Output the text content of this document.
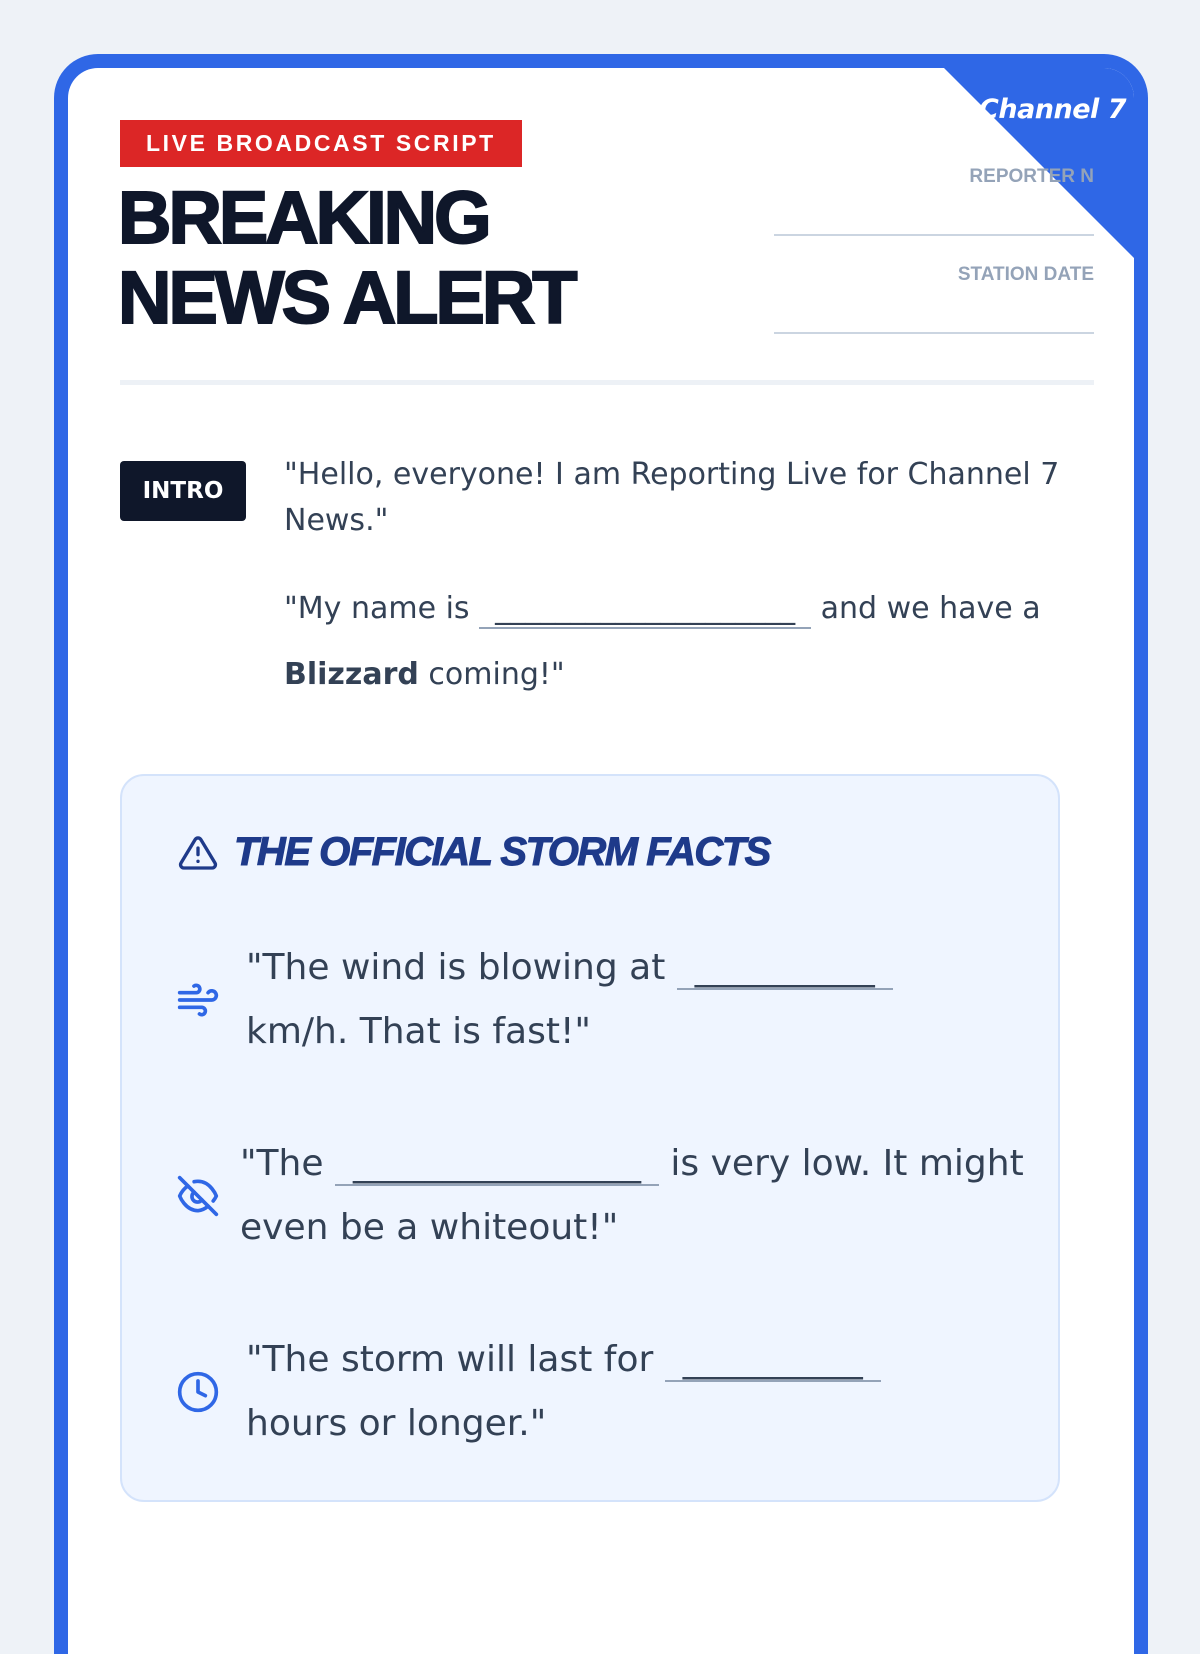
Channel 7
LIVE BROADCAST SCRIPT
BREAKING
NEWS ALERT
REPORTER N
STATION DATE
INTRO	"Hello, everyone! I am Reporting Live for Channel 7 News."

"My name is ____________________ and we have a Blizzard coming!"

THE OFFICIAL STORM FACTS
"The wind is blowing at __________
km/h. That is fast!"
"The ________________ is very low. It might even be a whiteout!"
"The storm will last for __________
hours or longer."
